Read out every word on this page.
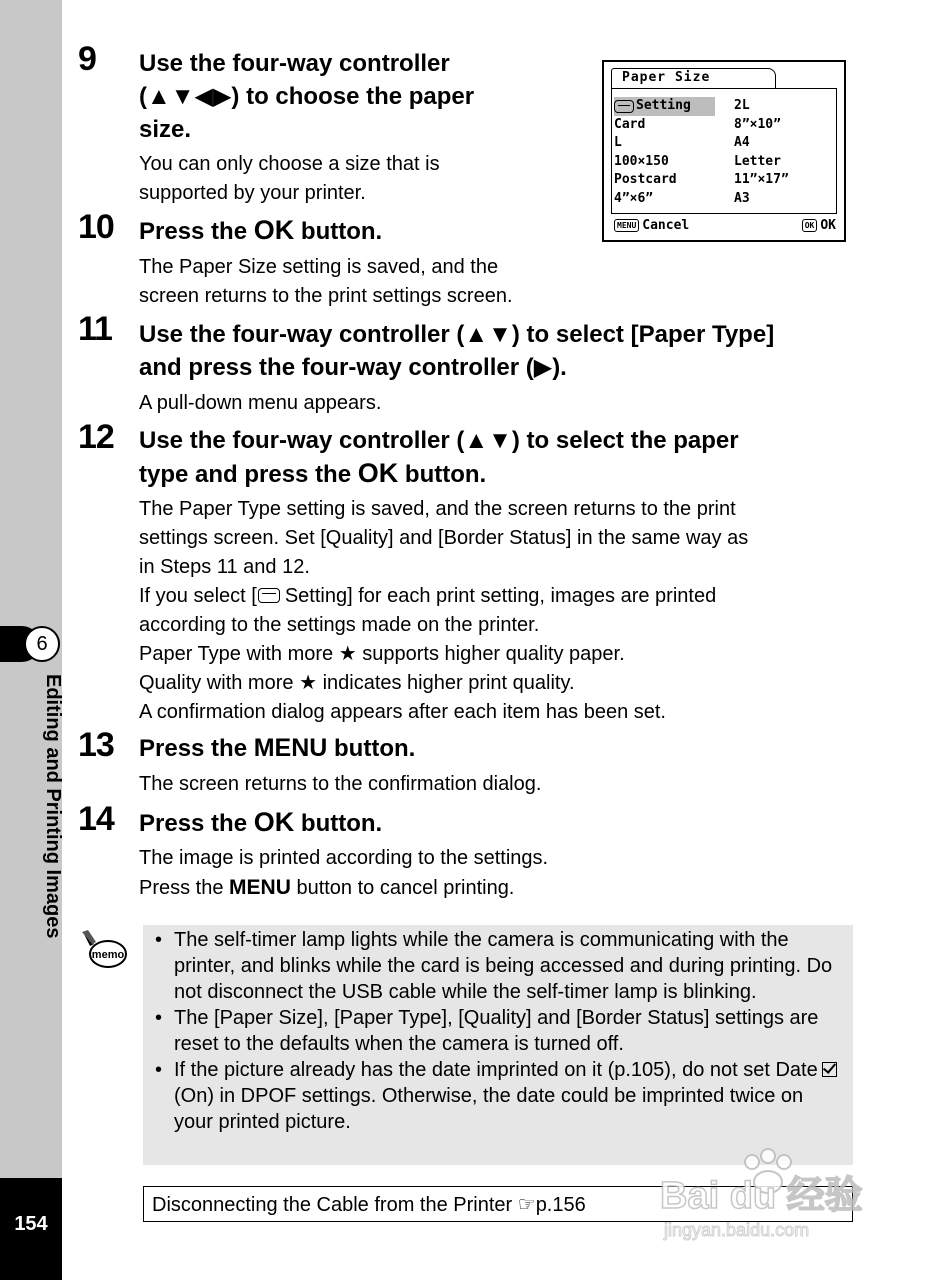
6
Editing and Printing Images
154
9 Use the four-way controller
(▲▼◀▶) to choose the paper
size.
You can only choose a size that is
supported by your printer.
Paper Size
Setting
Card
L
100×150
Postcard
4”×6”
2L
8”×10”
A4
Letter
11”×17”
A3
MENU Cancel	OK OK
10 Press the OK button.
The Paper Size setting is saved, and the
screen returns to the print settings screen.
11 Use the four-way controller (▲▼) to select [Paper Type]
and press the four-way controller (▶).
A pull-down menu appears.
12 Use the four-way controller (▲▼) to select the paper
type and press the OK button.
The Paper Type setting is saved, and the screen returns to the print
settings screen. Set [Quality] and [Border Status] in the same way as
in Steps 11 and 12.
If you select [ Setting] for each print setting, images are printed
according to the settings made on the printer.
Paper Type with more ★ supports higher quality paper.
Quality with more ★ indicates higher print quality.
A confirmation dialog appears after each item has been set.
13 Press the MENU button.
The screen returns to the confirmation dialog.
14 Press the OK button.
The image is printed according to the settings.
Press the MENU button to cancel printing.
memo
• The self-timer lamp lights while the camera is communicating with the printer, and blinks while the card is being accessed and during printing. Do not disconnect the USB cable while the self-timer lamp is blinking.
• The [Paper Size], [Paper Type], [Quality] and [Border Status] settings are reset to the defaults when the camera is turned off.
• If the picture already has the date imprinted on it (p.105), do not set Date(On) in DPOF settings. Otherwise, the date could be imprinted twice on your printed picture.
Disconnecting the Cable from the Printer ☞p.156	Bai du 经验
jingyan.baidu.com
